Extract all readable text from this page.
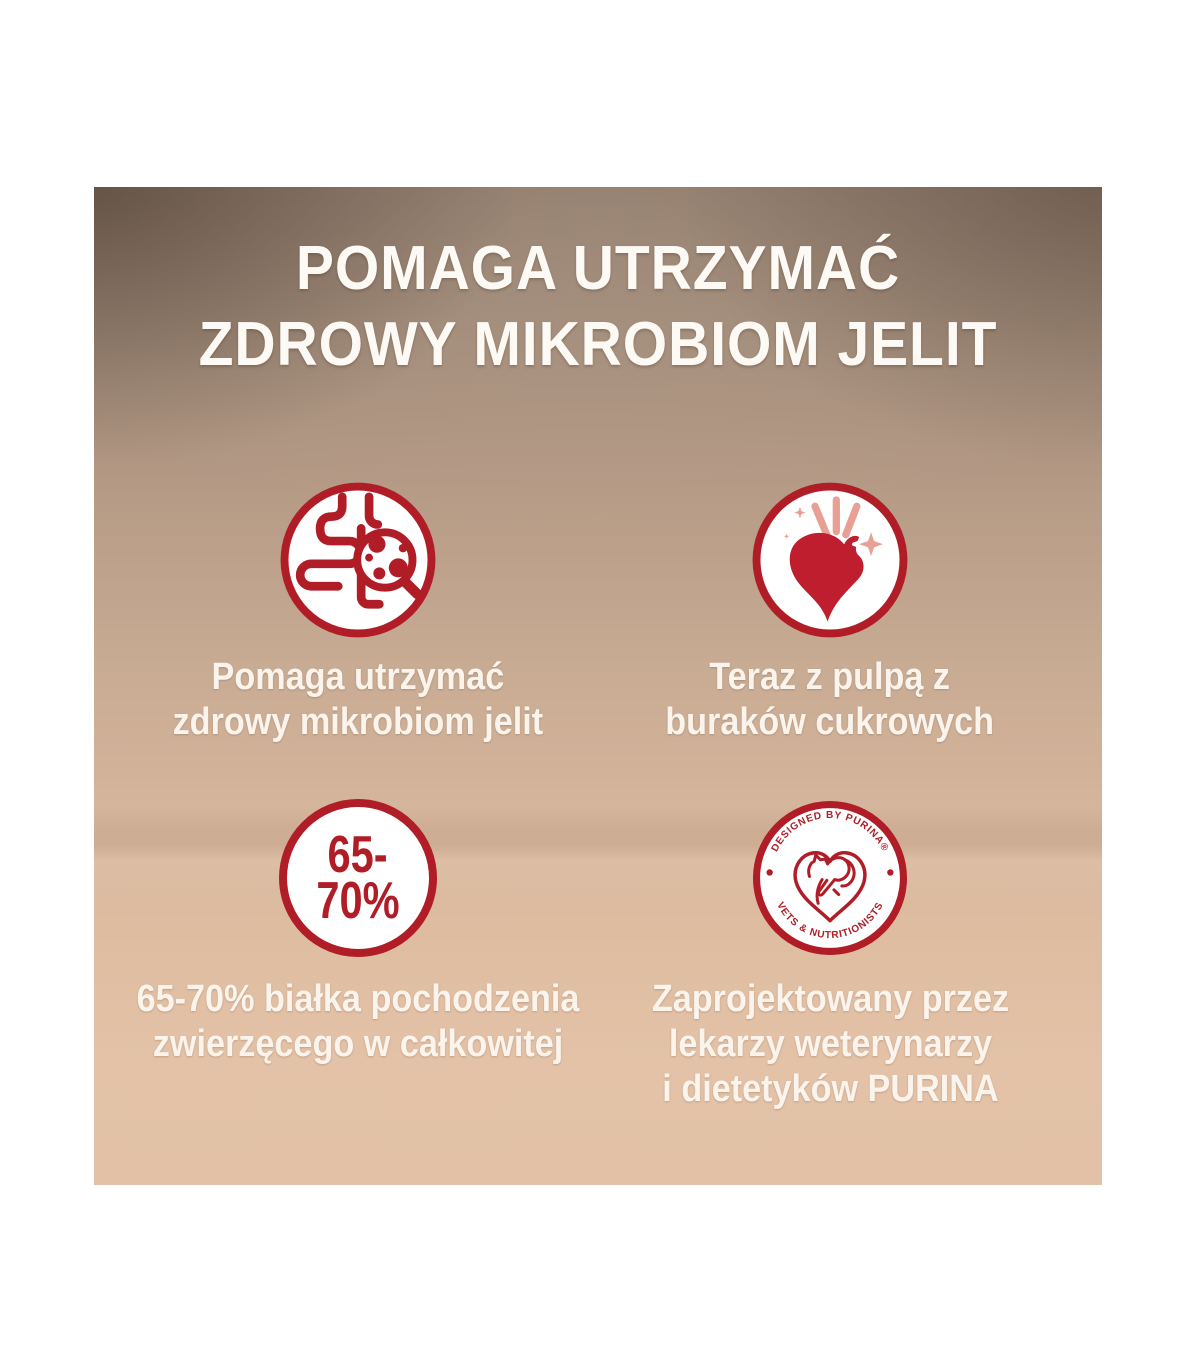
POMAGA UTRZYMAĆ
ZDROWY MIKROBIOM JELIT
Pomaga utrzymać
zdrowy mikrobiom jelit
Teraz z pulpą z
buraków cukrowych
65-
70%
65-70% białka pochodzenia
zwierzęcego w całkowitej
DESIGNED BY PURINA®
VETS & NUTRITIONISTS
Zaprojektowany przez
lekarzy weterynarzy
i dietetyków PURINA
